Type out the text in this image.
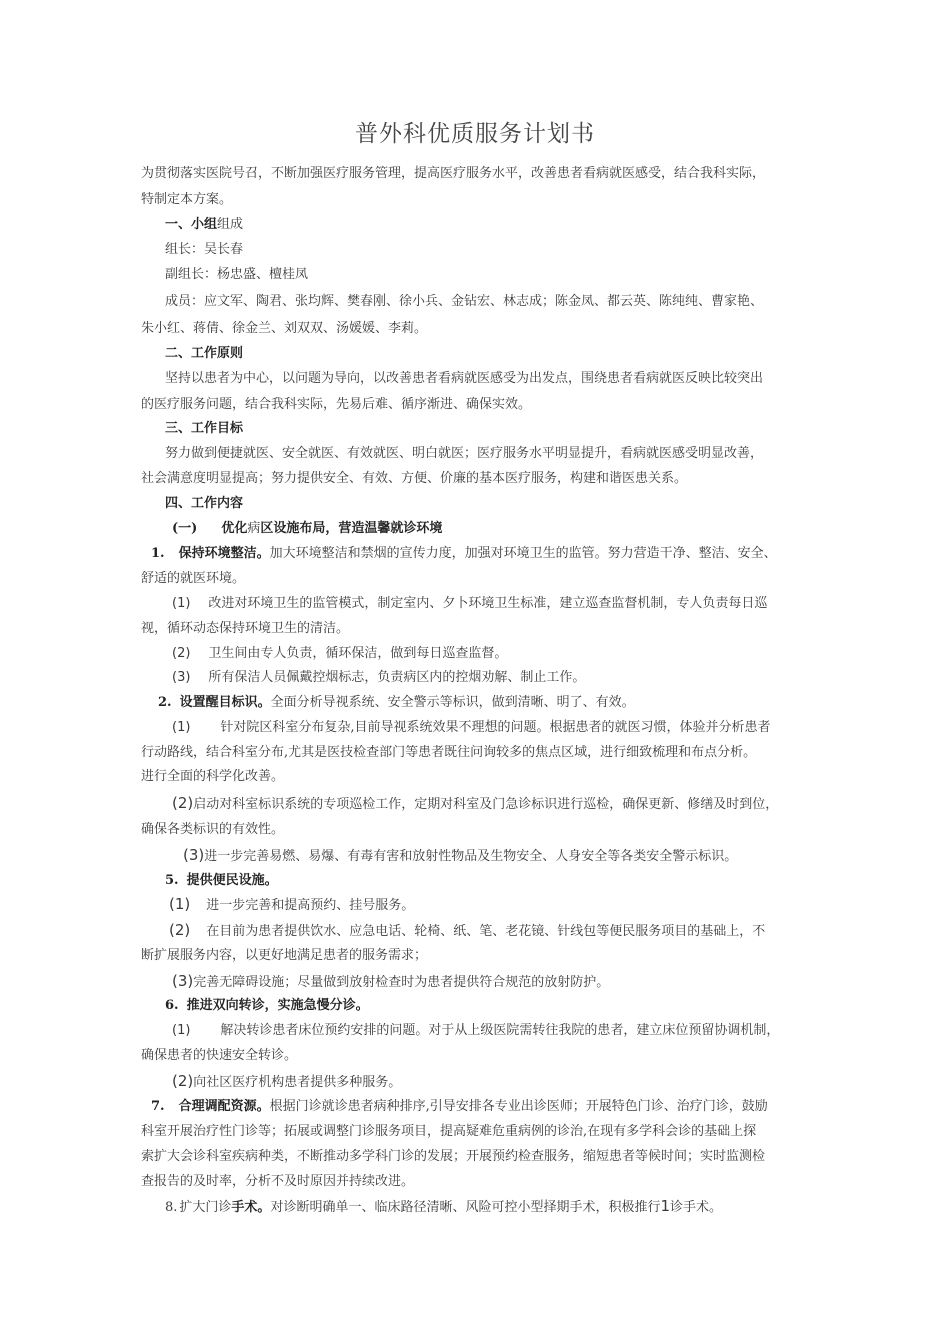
普外科优质服务计划书
为贯彻落实医院号召，不断加强医疗服务管理，提高医疗服务水平，改善患者看病就医感受，结合我科实际，
特制定本方案。
一、小组组成
组长：吴长春
副组长：杨忠盛、檀桂凤
成员：应文军、陶君、张均辉、樊春刚、徐小兵、金钻宏、林志成；陈金凤、都云英、陈纯纯、曹家艳、
朱小红、蒋倩、徐金兰、刘双双、汤媛媛、李莉。
二、工作原则
坚持以患者为中心，以问题为导向，以改善患者看病就医感受为出发点，围绕患者看病就医反映比较突出
的医疗服务问题，结合我科实际，先易后难、循序渐进、确保实效。
三、工作目标
努力做到便捷就医、安全就医、有效就医、明白就医；医疗服务水平明显提升，看病就医感受明显改善，
社会满意度明显提高；努力提供安全、有效、方便、价廉的基本医疗服务，构建和谐医患关系。
四、工作内容
(一) 优化病区设施布局，营造温馨就诊环境
1. 保持环境整洁。加大环境整洁和禁烟的宣传力度，加强对环境卫生的监管。努力营造干净、整洁、安全、
舒适的就医环境。
(1) 改进对环境卫生的监管模式，制定室内、夕卜环境卫生标准，建立巡查监督机制，专人负责每日巡
视，循环动态保持环境卫生的清洁。
(2) 卫生间由专人负责，循环保洁，做到每日巡查监督。
(3) 所有保洁人员佩戴控烟标志，负责病区内的控烟劝解、制止工作。
2. 设置醒目标识。全面分析导视系统、安全警示等标识，做到清晰、明了、有效。
(1) 针对院区科室分布复杂,目前导视系统效果不理想的问题。根据患者的就医习惯，体验并分析患者
行动路线，结合科室分布,尤其是医技检查部门等患者既往问询较多的焦点区域，进行细致梳理和布点分析。
进行全面的科学化改善。
(2)启动对科室标识系统的专项巡检工作，定期对科室及门急诊标识进行巡检，确保更新、修缮及时到位，
确保各类标识的有效性。
(3)进一步完善易燃、易爆、有毒有害和放射性物品及生物安全、人身安全等各类安全警示标识。
5. 提供便民设施。
(1) 进一步完善和提高预约、挂号服务。
(2) 在目前为患者提供饮水、应急电话、轮椅、纸、笔、老花镜、针线包等便民服务项目的基础上，不
断扩展服务内容，以更好地满足患者的服务需求；
(3)完善无障碍设施；尽量做到放射检查时为患者提供符合规范的放射防护。
6. 推进双向转诊，实施急慢分诊。
(1) 解决转诊患者床位预约安排的问题。对于从上级医院需转往我院的患者，建立床位预留协调机制，
确保患者的快速安全转诊。
(2)向社区医疗机构患者提供多种服务。
7. 合理调配资源。根据门诊就诊患者病种排序,引导安排各专业出诊医师；开展特色门诊、治疗门诊，鼓励
科室开展治疗性门诊等；拓展或调整门诊服务项目，提高疑难危重病例的诊治,在现有多学科会诊的基础上探
索扩大会诊科室疾病种类，不断推动多学科门诊的发展；开展预约检查服务，缩短患者等候时间；实时监测检
查报告的及时率，分析不及时原因并持续改进。
8. 扩大门诊手术。对诊断明确单一、临床路径清晰、风险可控小型择期手术，积极推行1诊手术。
